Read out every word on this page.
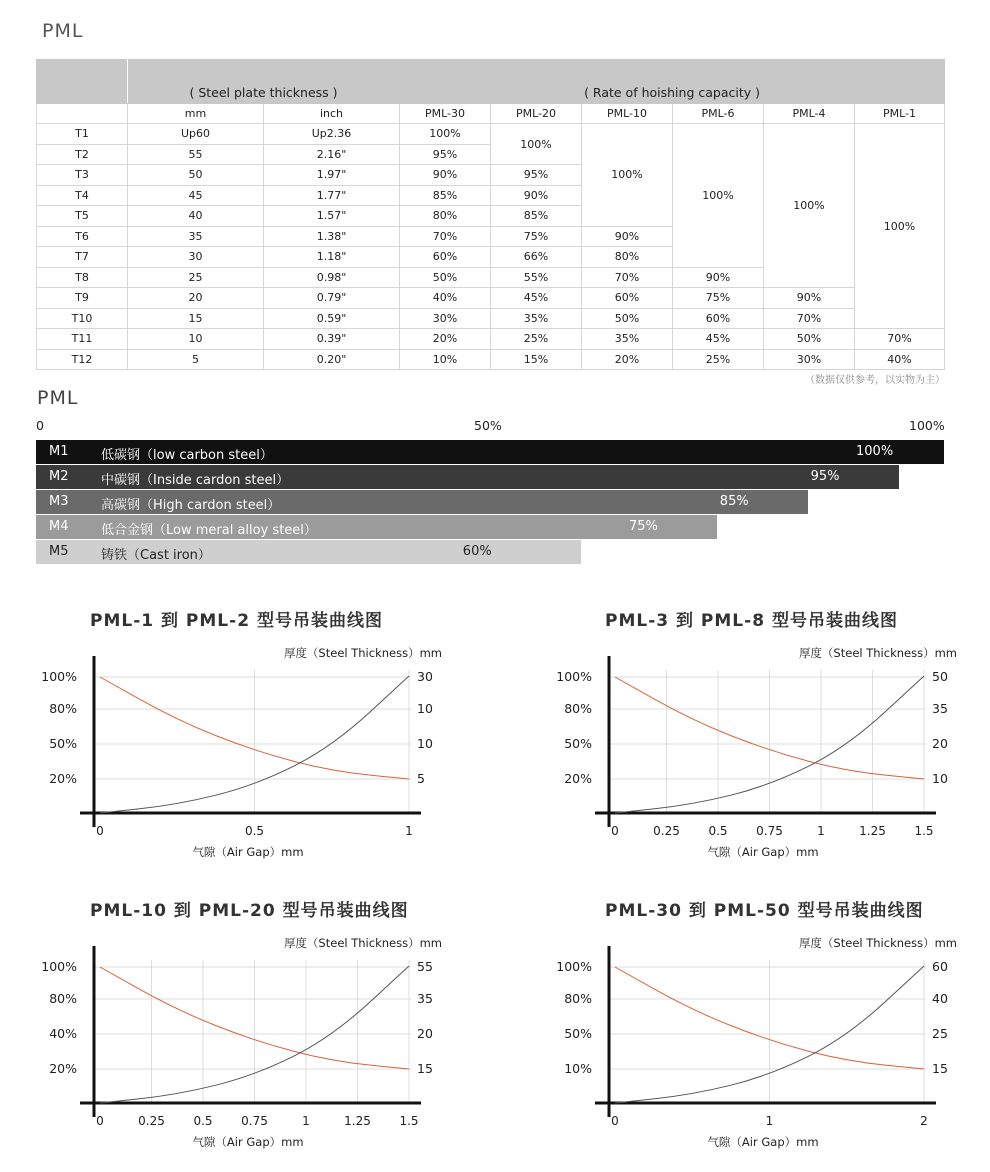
PML
	( Steel plate thickness )		( Rate of hoishing capacity )					
	mm	inch	PML-30	PML-20	PML-10	PML-6	PML-4	PML-1
T1	Up60	Up2.36	100%	100%	100%	100%	100%	100%
T2	55	2.16"	95%					
T3	50	1.97"	90%	95%				
T4	45	1.77"	85%	90%				
T5	40	1.57"	80%	85%				
T6	35	1.38"	70%	75%	90%			
T7	30	1.18"	60%	66%	80%			
T8	25	0.98"	50%	55%	70%	90%		
T9	20	0.79"	40%	45%	60%	75%	90%	
T10	15	0.59"	30%	35%	50%	60%	70%	
T11	10	0.39"	20%	25%	35%	45%	50%	70%
T12	5	0.20"	10%	15%	20%	25%	30%	40%
（数据仅供参考，以实物为主）
PML
0	50%	100%
M1	低碳钢（low carbon steel）	100%
M2	中碳钢（Inside cardon steel）	95%
M3	高碳钢（High cardon steel）	85%
M4	低合金钢（Low meral alloy steel）	75%
M5	铸铁（Cast iron）	60%
PML-1 到 PML-2 型号吊装曲线图
0	0.5	1
100%
80%
50%
20%
30
10
10
5
厚度（Steel Thickness）mm
气隙（Air Gap）mm
PML-3 到 PML-8 型号吊装曲线图
0	0.25 0.5 0.75	1	1.25 1.5
100%
80%
50%
20%
50
35
20
10
厚度（Steel Thickness）mm
气隙（Air Gap）mm
PML-10 到 PML-20 型号吊装曲线图
0	0.25 0.5 0.75	1	1.25 1.5
100%
80%
40%
20%
55
35
20
15
厚度（Steel Thickness）mm
气隙（Air Gap）mm
PML-30 到 PML-50 型号吊装曲线图
0	1	2
100%
80%
50%
10%
60
40
25
15
厚度（Steel Thickness）mm
气隙（Air Gap）mm
